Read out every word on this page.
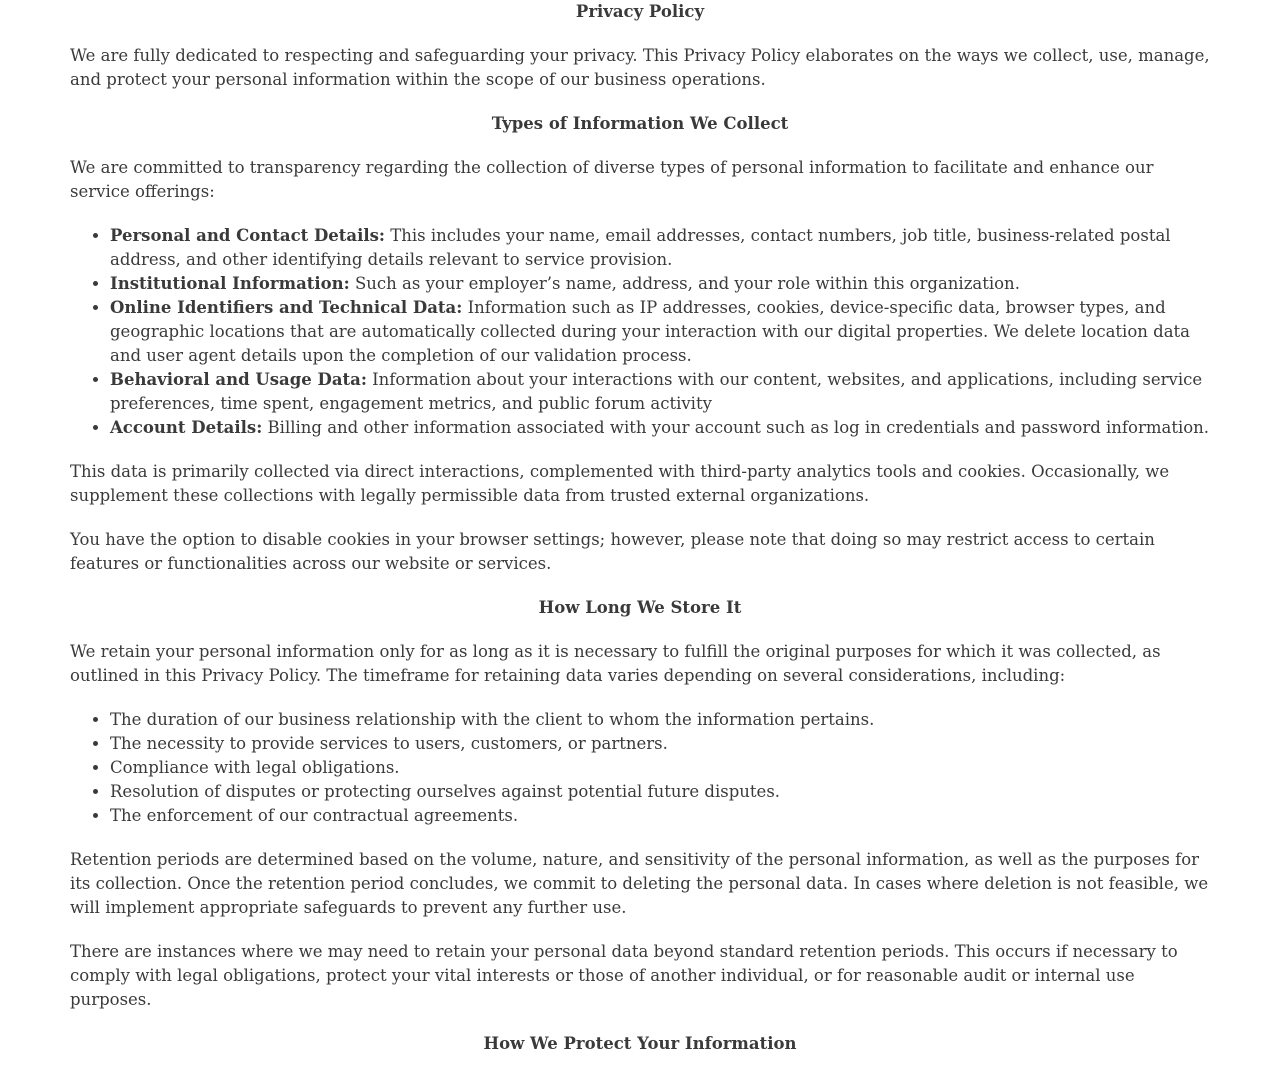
Privacy Policy

We are fully dedicated to respecting and safeguarding your privacy. This Privacy Policy elaborates on the ways we collect, use, manage, and protect your personal information within the scope of our business operations.

Types of Information We Collect

We are committed to transparency regarding the collection of diverse types of personal information to facilitate and enhance our service offerings:

• Personal and Contact Details: This includes your name, email addresses, contact numbers, job title, business-related postal address, and other identifying details relevant to service provision.
• Institutional Information: Such as your employer’s name, address, and your role within this organization.
• Online Identifiers and Technical Data: Information such as IP addresses, cookies, device-specific data, browser types, and geographic locations that are automatically collected during your interaction with our digital properties. We delete location data and user agent details upon the completion of our validation process.
• Behavioral and Usage Data: Information about your interactions with our content, websites, and applications, including service preferences, time spent, engagement metrics, and public forum activity
• Account Details: Billing and other information associated with your account such as log in credentials and password information.

This data is primarily collected via direct interactions, complemented with third-party analytics tools and cookies. Occasionally, we supplement these collections with legally permissible data from trusted external organizations.

You have the option to disable cookies in your browser settings; however, please note that doing so may restrict access to certain features or functionalities across our website or services.

How Long We Store It

We retain your personal information only for as long as it is necessary to fulfill the original purposes for which it was collected, as outlined in this Privacy Policy. The timeframe for retaining data varies depending on several considerations, including:

• The duration of our business relationship with the client to whom the information pertains.
• The necessity to provide services to users, customers, or partners.
• Compliance with legal obligations.
• Resolution of disputes or protecting ourselves against potential future disputes.
• The enforcement of our contractual agreements.

Retention periods are determined based on the volume, nature, and sensitivity of the personal information, as well as the purposes for its collection. Once the retention period concludes, we commit to deleting the personal data. In cases where deletion is not feasible, we will implement appropriate safeguards to prevent any further use.

There are instances where we may need to retain your personal data beyond standard retention periods. This occurs if necessary to comply with legal obligations, protect your vital interests or those of another individual, or for reasonable audit or internal use purposes.

How We Protect Your Information
